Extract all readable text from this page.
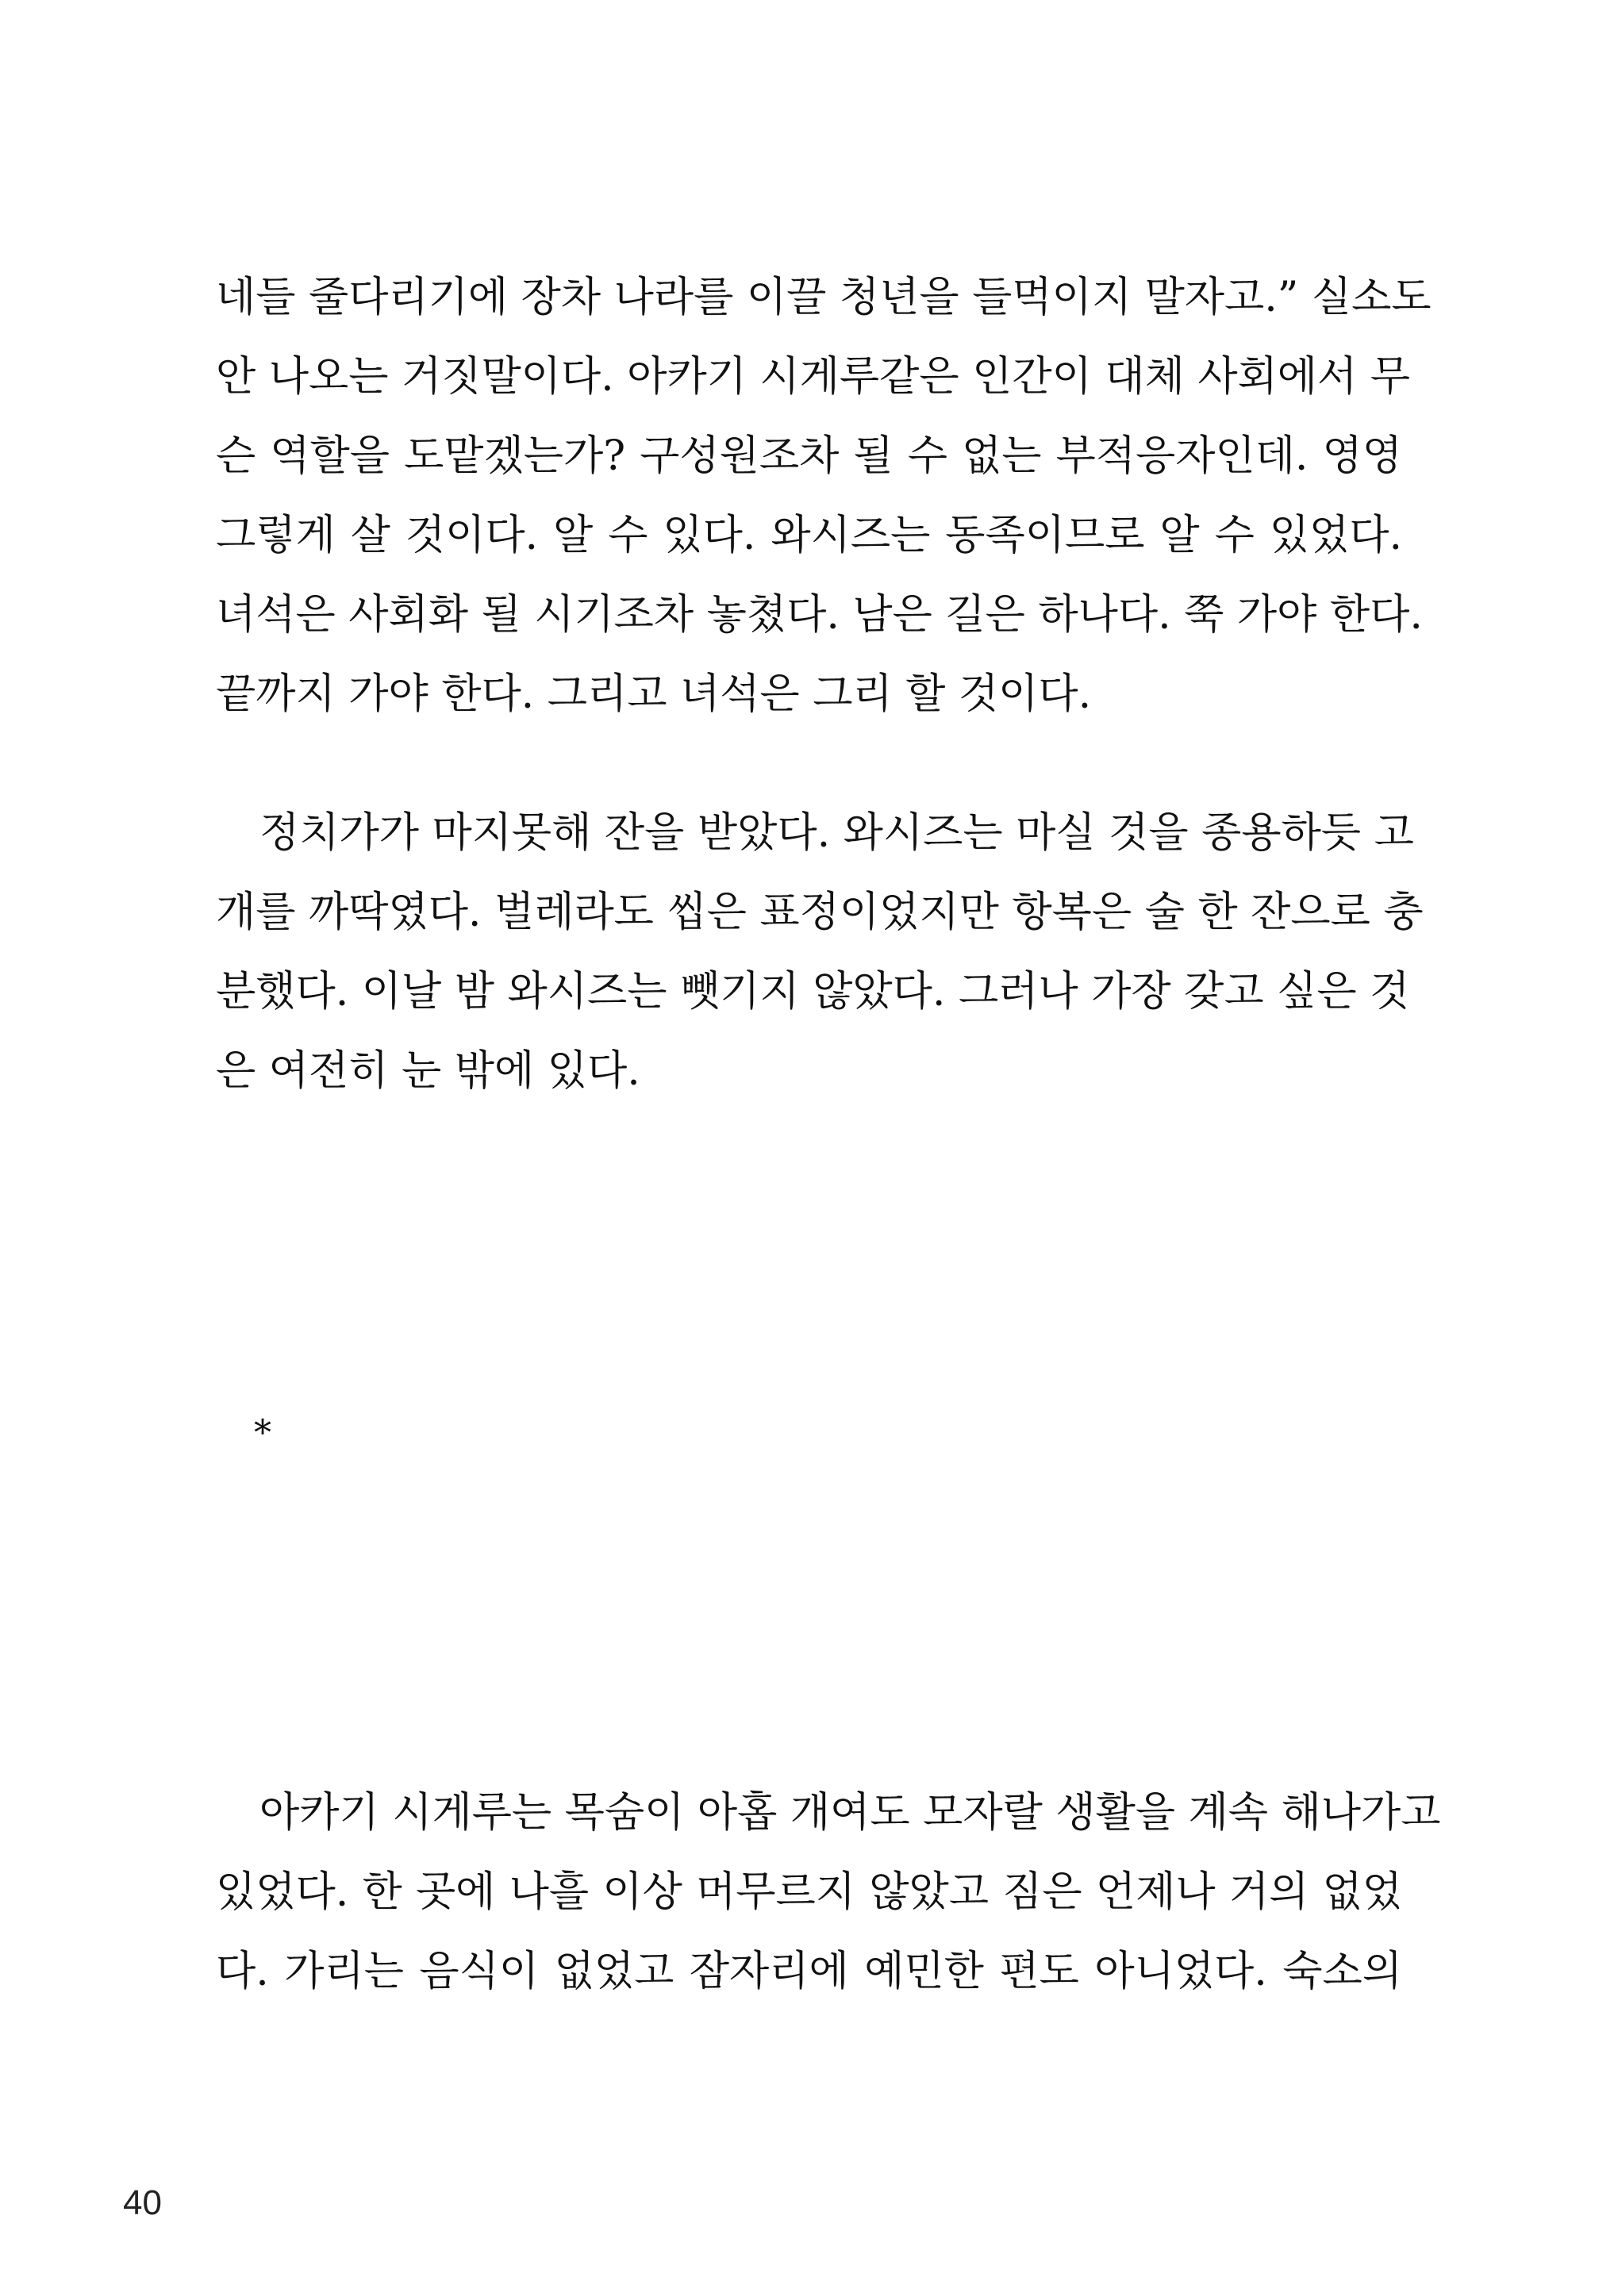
네들 줄다리기에 장차 나라를 이끌 청년을 들먹이지 말자고.” 실소도
안 나오는 거짓말이다. 아카기 시게루같은 인간이 대체 사회에서 무
슨 역할을 도맡겠는가? 구성원조차 될 수 없는 부적응자인데. 영영
그렇게 살 것이다. 알 수 있다. 와시즈는 동족이므로 알 수 있었다.
녀석은 사회화 될 시기조차 놓쳤다. 남은 길은 하나다. 쭉 가야 한다.
끝까지 가야 한다. 그리고 녀석은 그리 할 것이다.
정치가가 마지못해 잔을 받았다. 와시즈는 마실 것을 종용하듯 고
개를 까딱였다. 벌레라도 씹은 표정이었지만 항복은 술 한 잔으로 충
분했다. 이날 밤 와시즈는 뺏기지 않았다. 그러나 가장 갖고 싶은 것
은 여전히 눈 밖에 있다.
*
아카기 시게루는 목숨이 아홉 개여도 모자랄 생활을 계속 해나가고
있었다. 한 곳에 나흘 이상 머무르지 않았고 짐은 언제나 거의 없었
다. 가리는 음식이 없었고 잠자리에 예민한 편도 아니었다. 숙소의
40
